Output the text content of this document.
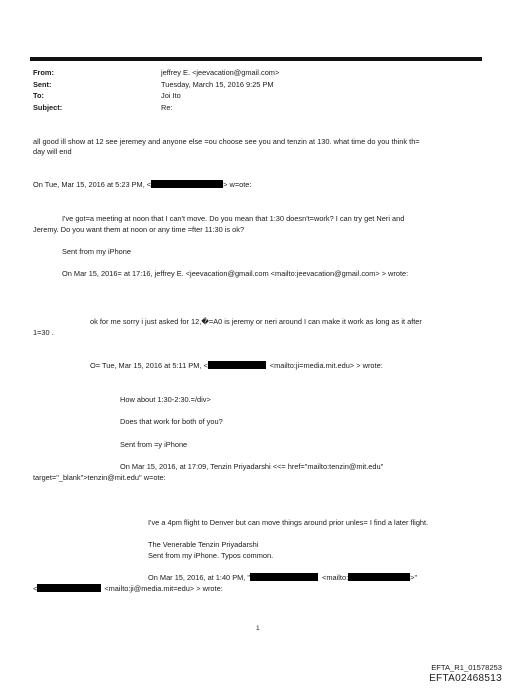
From:	jeffrey E. <jeevacation@gmail.com>
Sent:	Tuesday, March 15, 2016 9:25 PM
To:	Joi Ito
Subject:	Re:
all good ill show at 12 see jeremey and anyone else =ou choose see you and tenzin at 130. what time do you think th=
day will end
On Tue, Mar 15, 2016 at 5:23 PM, <	> w=ote:
I've got=a meeting at noon that I can't move. Do you mean that 1:30 doesn't=work? I can try get Neri and
Jeremy. Do you want them at noon or any time =fter 11:30 is ok?
Sent from my iPhone
On Mar 15, 2016= at 17:16, jeffrey E. <jeevacation@gmail.com <mailto:jeevacation@gmail.com> > wrote:
ok for me sorry i just asked for 12,�=A0 is jeremy or neri around I can make it work as long as it after
1=30 .
O= Tue, Mar 15, 2016 at 5:11 PM, <	<mailto:ji=media.mit.edu> > wrote:
How about 1:30-2:30.=/div>
Does that work for both of you?
Sent from =y iPhone
On Mar 15, 2016, at 17:09, Tenzin Priyadarshi <<= href="mailto:tenzin@mit.edu"
target="_blank">tenzin@mit.edu" w=ote:
I've a 4pm flight to Denver but can move things around prior unles= I find a later flight.
The Venerable Tenzin Priyadarshi
Sent from my iPhone. Typos common.
On Mar 15, 2016, at 1:40 PM, "	<mailto:	>"
<	<mailto:ji@media.mit=edu> > wrote:
1
EFTA_R1_01578253
EFTA02468513
